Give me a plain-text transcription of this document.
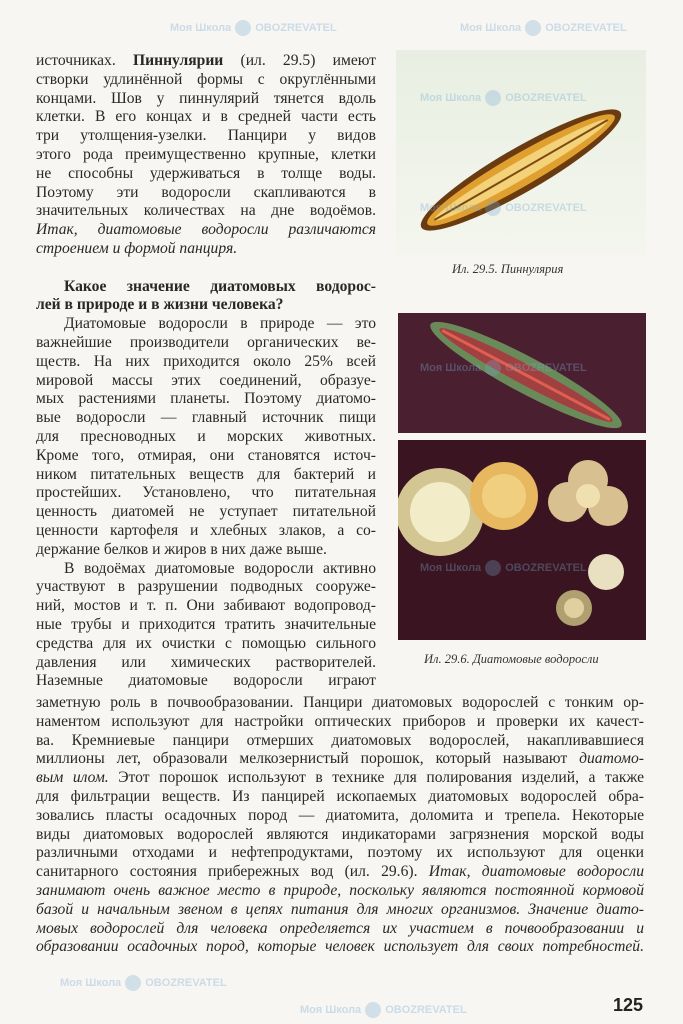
источниках. Пиннулярии (ил. 29.5) имеют
створки удлинённой формы с округлёнными
концами. Шов у пиннулярий тянется вдоль
клетки. В его концах и в средней части есть
три утолщения-узелки. Панцири у видов
этого рода преимущественно крупные, клетки
не способны удерживаться в толще воды.
Поэтому эти водоросли скапливаются в
значительных количествах на дне водоёмов.
Итак, диатомовые водоросли различаются
строением и формой панциря.
Какое значение диатомовых водорос-
лей в природе и в жизни человека?
Диатомовые водоросли в природе — это
важнейшие производители органических ве-
ществ. На них приходится около 25% всей
мировой массы этих соединений, образуе-
мых растениями планеты. Поэтому диатомо-
вые водоросли — главный источник пищи
для пресноводных и морских животных.
Кроме того, отмирая, они становятся источ-
ником питательных веществ для бактерий и
простейших. Установлено, что питательная
ценность диатомей не уступает питательной
ценности картофеля и хлебных злаков, а со-
держание белков и жиров в них даже выше.
В водоёмах диатомовые водоросли активно
участвуют в разрушении подводных сооруже-
ний, мостов и т. п. Они забивают водопровод-
ные трубы и приходится тратить значительные
средства для их очистки с помощью сильного
давления или химических растворителей.
Наземные диатомовые водоросли играют
Ил. 29.5. Пиннулярия
Ил. 29.6. Диатомовые водоросли
заметную роль в почвообразовании. Панцири диатомовых водорослей с тонким ор-
наментом используют для настройки оптических приборов и проверки их качест-
ва. Кремниевые панцири отмерших диатомовых водорослей, накапливавшиеся
миллионы лет, образовали мелкозернистый порошок, который называют диатомо-
вым илом. Этот порошок используют в технике для полирования изделий, а также
для фильтрации веществ. Из панцирей ископаемых диатомовых водорослей обра-
зовались пласты осадочных пород — диатомита, доломита и трепела. Некоторые
виды диатомовых водорослей являются индикаторами загрязнения морской воды
различными отходами и нефтепродуктами, поэтому их используют для оценки
санитарного состояния прибережных вод (ил. 29.6). Итак, диатомовые водоросли
занимают очень важное место в природе, поскольку являются постоянной кормовой
базой и начальным звеном в цепях питания для многих организмов. Значение диато-
мовых водорослей для человека определяется их участием в почвообразовании и
образовании осадочных пород, которые человек использует для своих потребностей.
125
Моя Школа OBOZREVATEL	Моя Школа OBOZREVATEL
Моя Школа OBOZREVATEL
Моя Школа OBOZREVATEL
Моя Школа OBOZREVATEL
Моя Школа OBOZREVATEL
Моя Школа OBOZREVATEL
Моя Школа OBOZREVATEL
